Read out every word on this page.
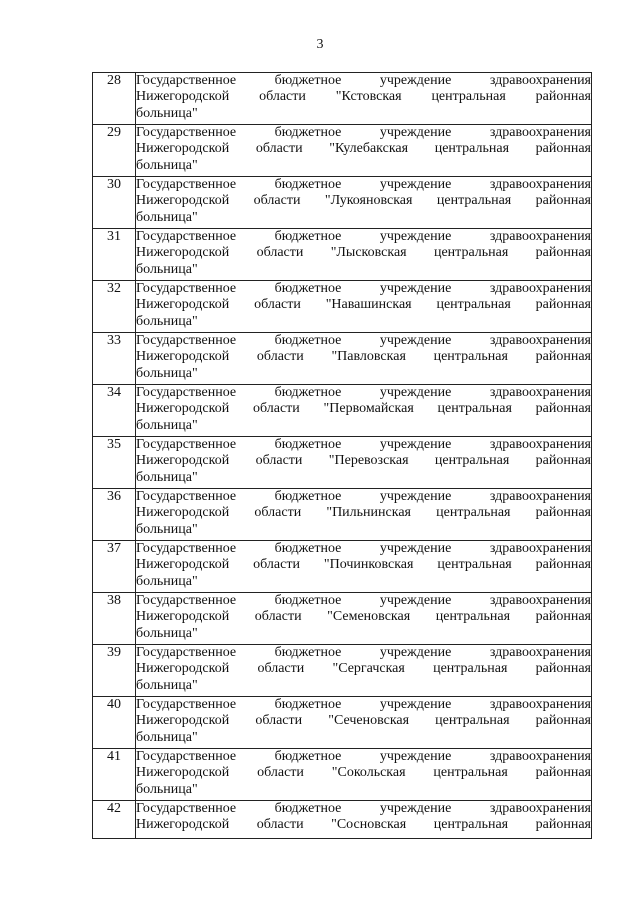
3
28	Государственное бюджетное учреждение здравоохранения
Нижегородской области "Кстовская центральная районная
больница"

29	Государственное бюджетное учреждение здравоохранения
Нижегородской области "Кулебакская центральная районная
больница"

30	Государственное бюджетное учреждение здравоохранения
Нижегородской области "Лукояновская центральная районная
больница"

31	Государственное бюджетное учреждение здравоохранения
Нижегородской области "Лысковская центральная районная
больница"

32	Государственное бюджетное учреждение здравоохранения
Нижегородской области "Навашинская центральная районная
больница"

33	Государственное бюджетное учреждение здравоохранения
Нижегородской области "Павловская центральная районная
больница"

34	Государственное бюджетное учреждение здравоохранения
Нижегородской области "Первомайская центральная районная
больница"

35	Государственное бюджетное учреждение здравоохранения
Нижегородской области "Перевозская центральная районная
больница"

36	Государственное бюджетное учреждение здравоохранения
Нижегородской области "Пильнинская центральная районная
больница"

37	Государственное бюджетное учреждение здравоохранения
Нижегородской области "Починковская центральная районная
больница"

38	Государственное бюджетное учреждение здравоохранения
Нижегородской области "Семеновская центральная районная
больница"

39	Государственное бюджетное учреждение здравоохранения
Нижегородской области "Сергачская центральная районная
больница"

40	Государственное бюджетное учреждение здравоохранения
Нижегородской области "Сеченовская центральная районная
больница"

41	Государственное бюджетное учреждение здравоохранения
Нижегородской области "Сокольская центральная районная
больница"

42	Государственное бюджетное учреждение здравоохранения
Нижегородской области "Сосновская центральная районная
